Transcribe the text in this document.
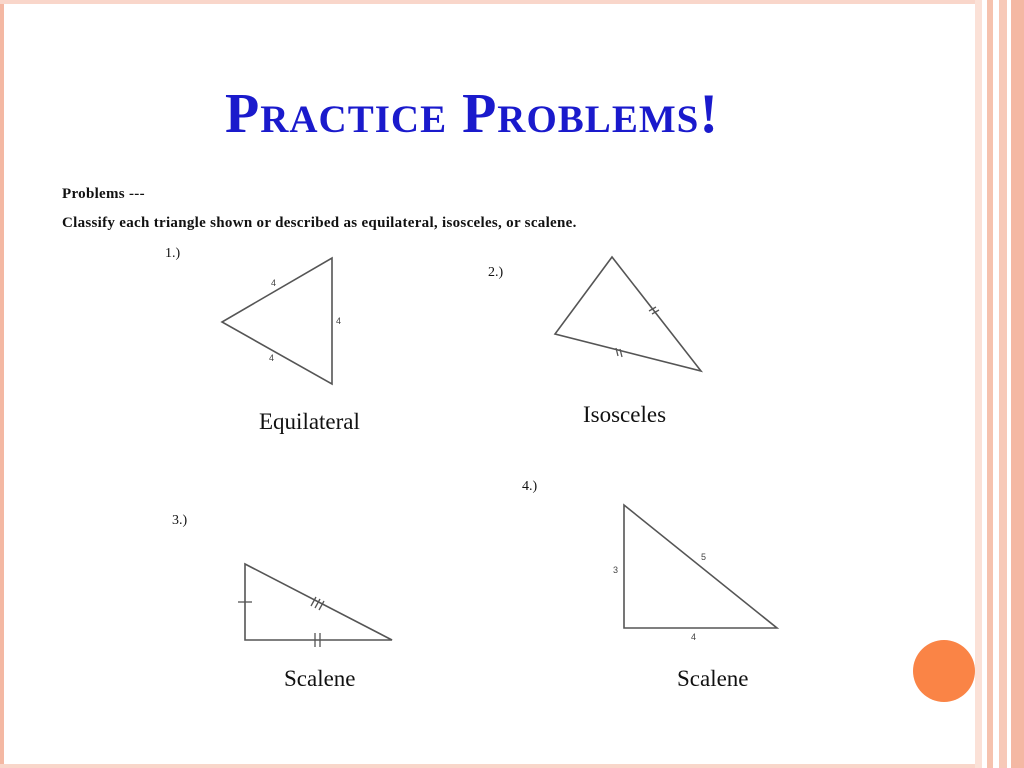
Practice Problems!
Problems ---
Classify each triangle shown or described as equilateral, isosceles, or scalene.
1.)
2.)
3.)
4.)
4
4
4
3
5
4
Equilateral	Isosceles
Scalene	Scalene
